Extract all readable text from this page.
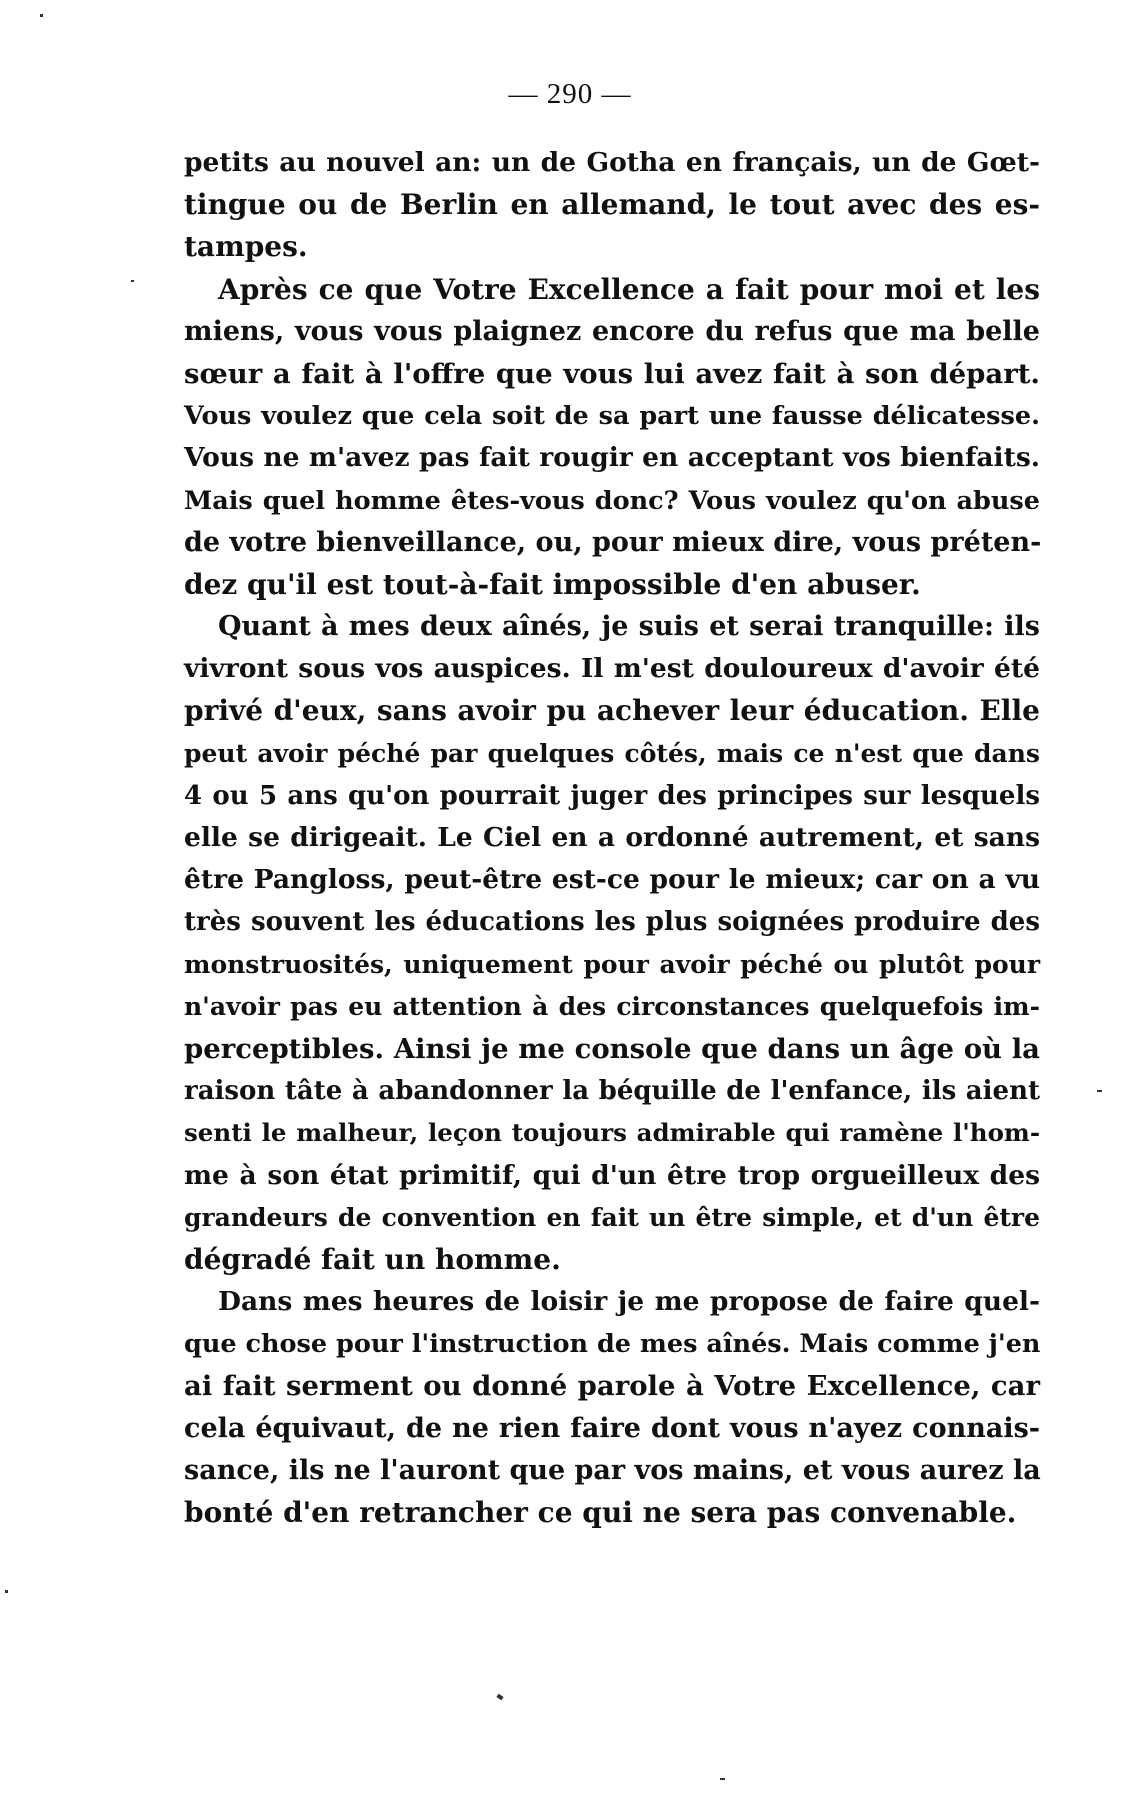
— 290 —
petits au nouvel an: un de Gotha en français, un de Gœt-
tingue ou de Berlin en allemand, le tout avec des es-
tampes.
Après ce que Votre Excellence a fait pour moi et les
miens, vous vous plaignez encore du refus que ma belle
sœur a fait à l'offre que vous lui avez fait à son départ.
Vous voulez que cela soit de sa part une fausse délicatesse.
Vous ne m'avez pas fait rougir en acceptant vos bienfaits.
Mais quel homme êtes-vous donc? Vous voulez qu'on abuse
de votre bienveillance, ou, pour mieux dire, vous préten-
dez qu'il est tout-à-fait impossible d'en abuser.
Quant à mes deux aînés, je suis et serai tranquille: ils
vivront sous vos auspices. Il m'est douloureux d'avoir été
privé d'eux, sans avoir pu achever leur éducation. Elle
peut avoir péché par quelques côtés, mais ce n'est que dans
4 ou 5 ans qu'on pourrait juger des principes sur lesquels
elle se dirigeait. Le Ciel en a ordonné autrement, et sans
être Pangloss, peut-être est-ce pour le mieux; car on a vu
très souvent les éducations les plus soignées produire des
monstruosités, uniquement pour avoir péché ou plutôt pour
n'avoir pas eu attention à des circonstances quelquefois im-
perceptibles. Ainsi je me console que dans un âge où la
raison tâte à abandonner la béquille de l'enfance, ils aient
senti le malheur, leçon toujours admirable qui ramène l'hom-
me à son état primitif, qui d'un être trop orgueilleux des
grandeurs de convention en fait un être simple, et d'un être
dégradé fait un homme.
Dans mes heures de loisir je me propose de faire quel-
que chose pour l'instruction de mes aînés. Mais comme j'en
ai fait serment ou donné parole à Votre Excellence, car
cela équivaut, de ne rien faire dont vous n'ayez connais-
sance, ils ne l'auront que par vos mains, et vous aurez la
bonté d'en retrancher ce qui ne sera pas convenable.
